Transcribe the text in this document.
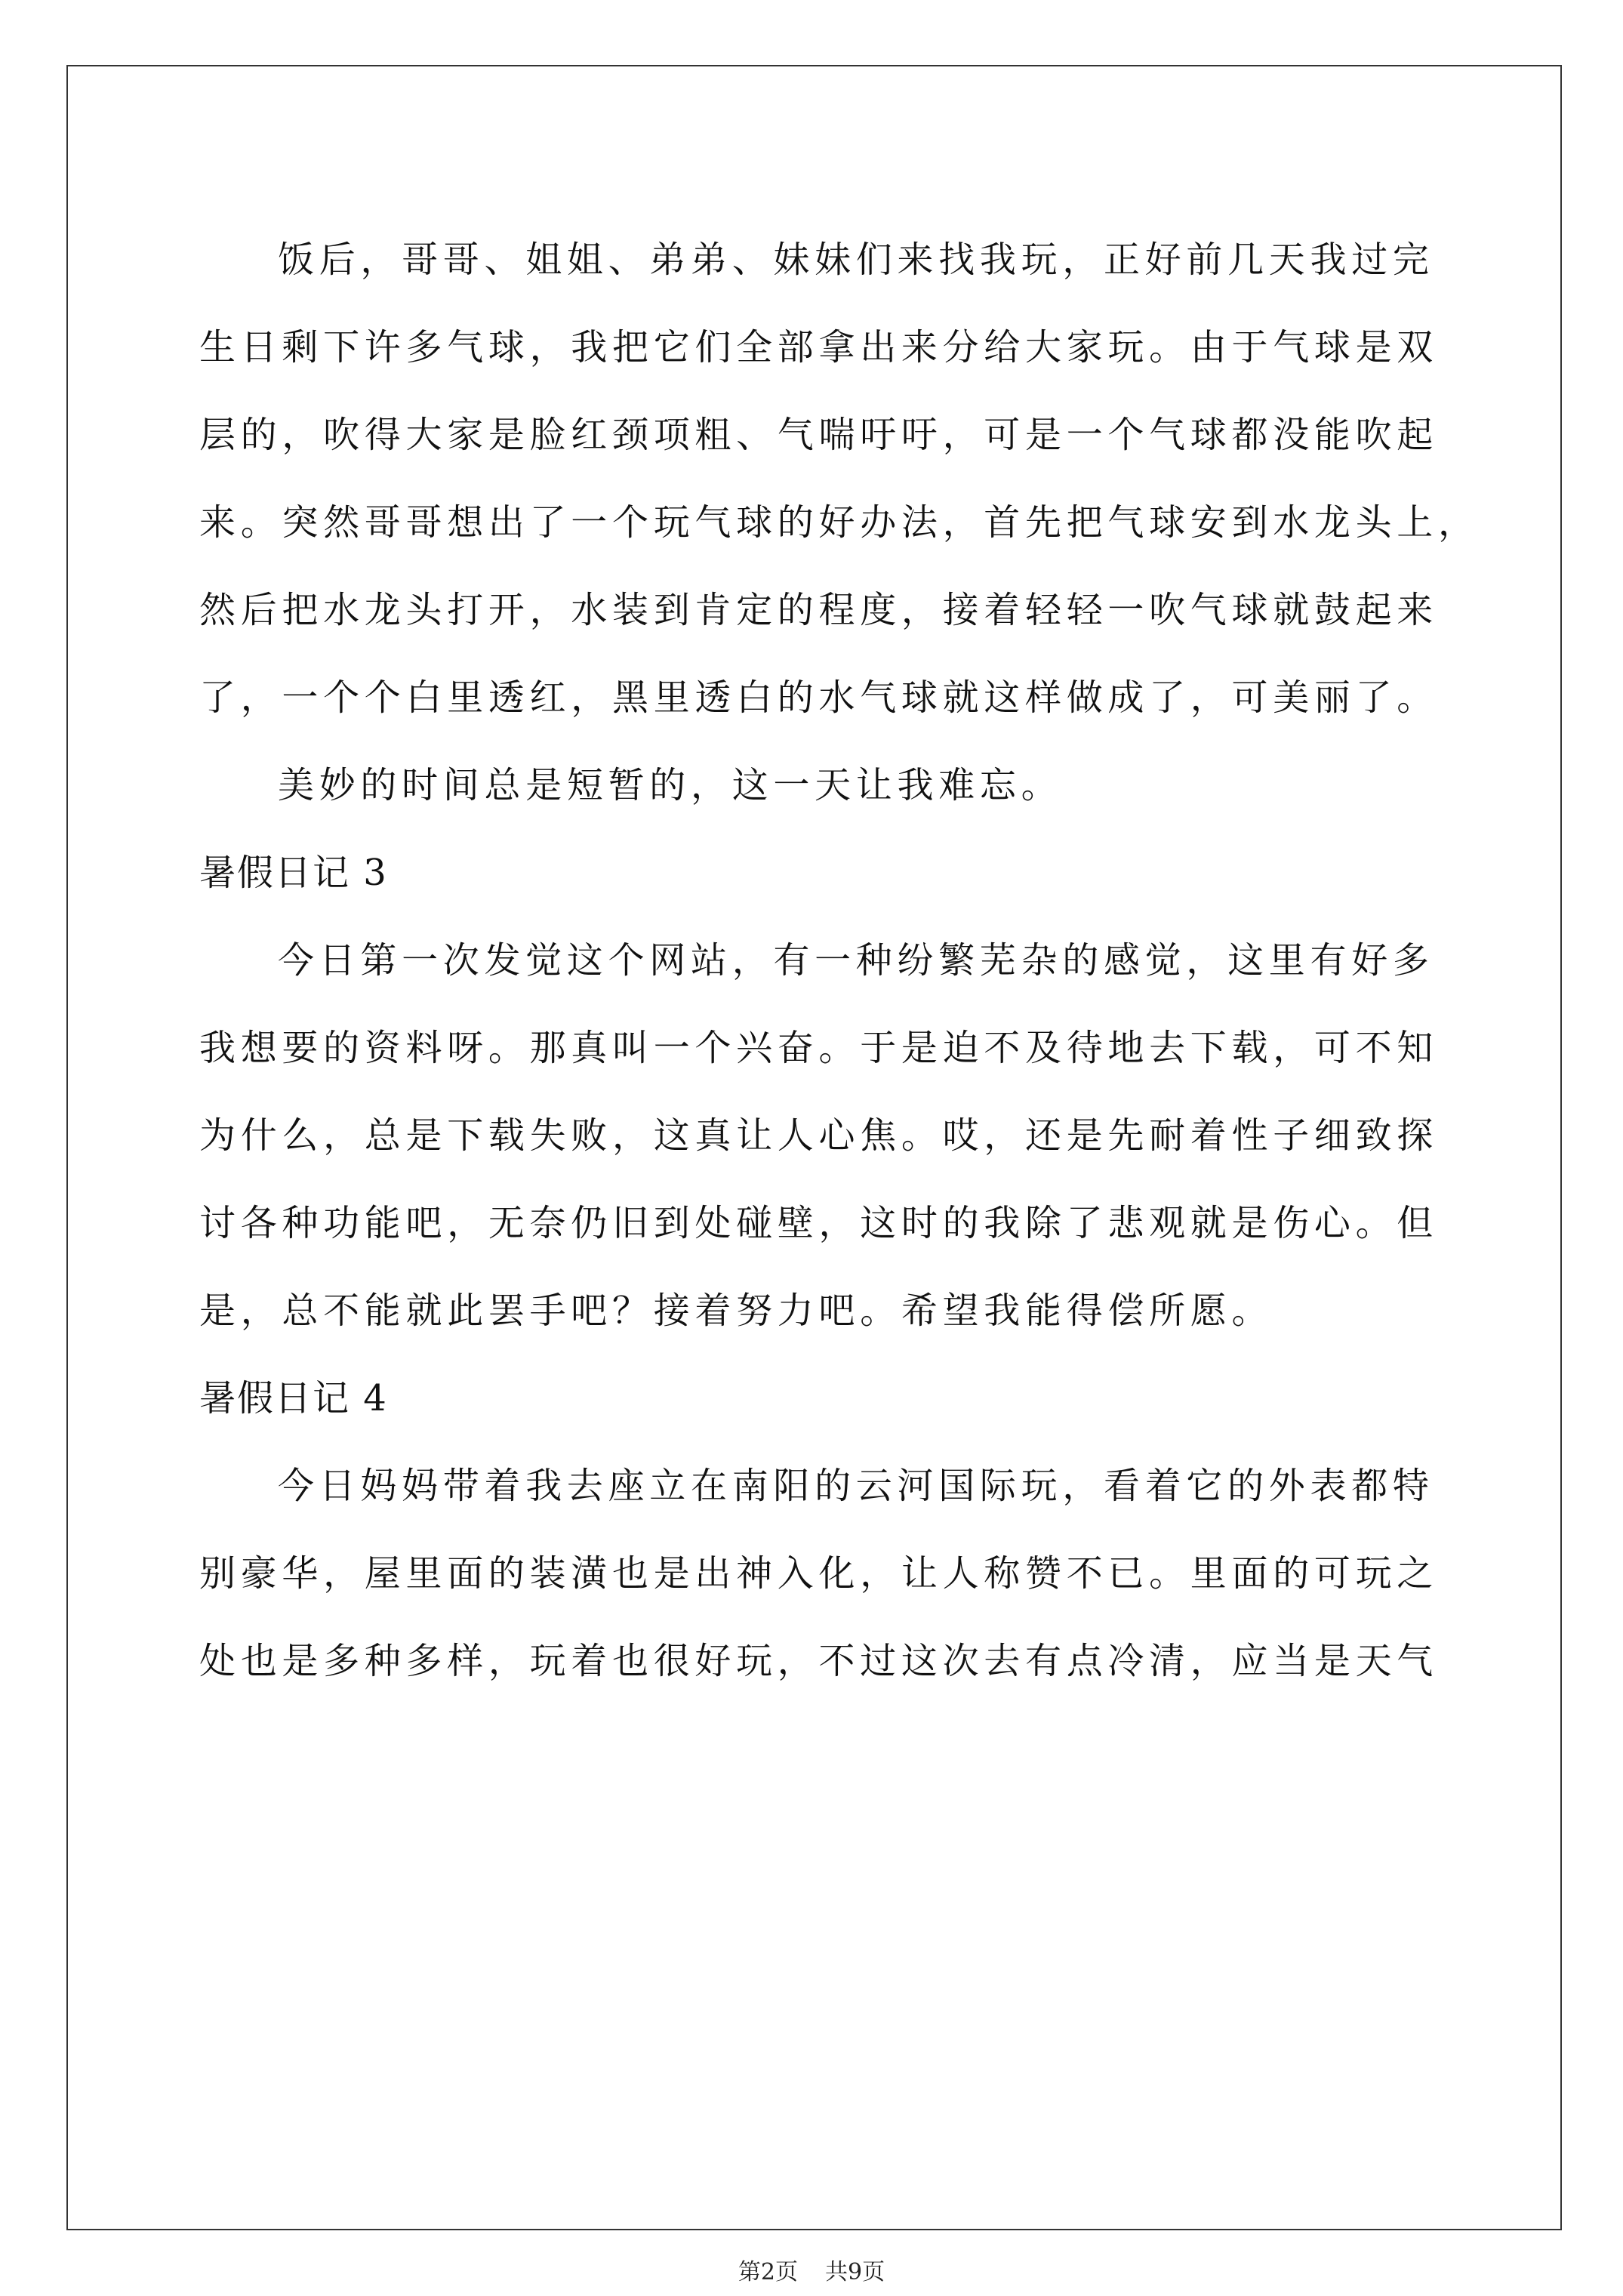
饭后，哥哥、姐姐、弟弟、妹妹们来找我玩，正好前几天我过完
生日剩下许多气球，我把它们全部拿出来分给大家玩。由于气球是双
层的，吹得大家是脸红颈项粗、气喘吁吁，可是一个气球都没能吹起
来。突然哥哥想出了一个玩气球的好办法，首先把气球安到水龙头上，
然后把水龙头打开，水装到肯定的程度，接着轻轻一吹气球就鼓起来
了，一个个白里透红，黑里透白的水气球就这样做成了，可美丽了。
美妙的时间总是短暂的，这一天让我难忘。
暑假日记 3
今日第一次发觉这个网站，有一种纷繁芜杂的感觉，这里有好多
我想要的资料呀。那真叫一个兴奋。于是迫不及待地去下载，可不知
为什么，总是下载失败，这真让人心焦。哎，还是先耐着性子细致探
讨各种功能吧，无奈仍旧到处碰壁，这时的我除了悲观就是伤心。但
是，总不能就此罢手吧？接着努力吧。希望我能得偿所愿。
暑假日记 4
今日妈妈带着我去座立在南阳的云河国际玩，看着它的外表都特
别豪华，屋里面的装潢也是出神入化，让人称赞不已。里面的可玩之
处也是多种多样，玩着也很好玩，不过这次去有点冷清，应当是天气
第2页 共9页
